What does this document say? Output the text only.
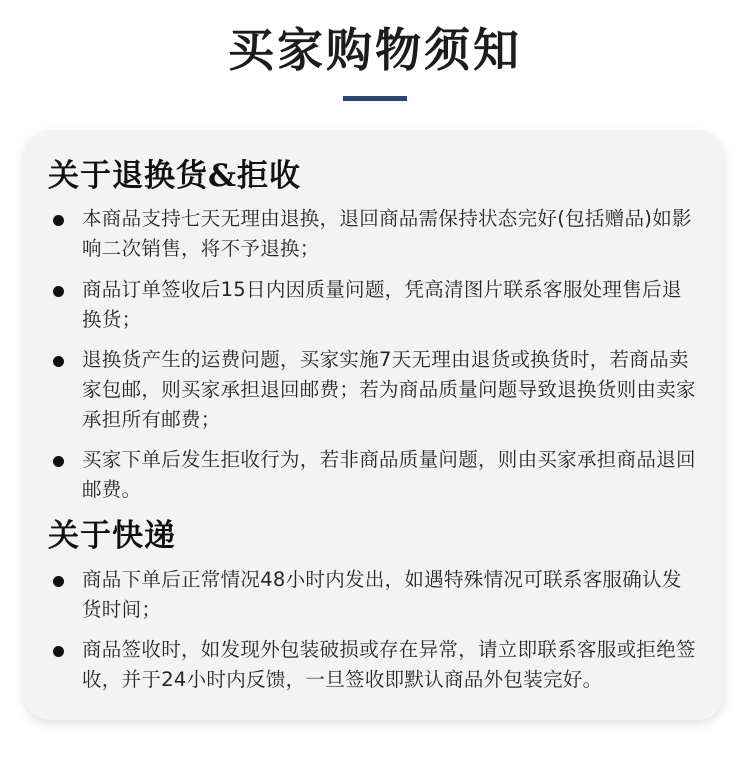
买家购物须知
关于退换货&拒收
本商品支持七天无理由退换，退回商品需保持状态完好(包括赠品)如影响二次销售，将不予退换；
商品订单签收后15日内因质量问题，凭高清图片联系客服处理售后退换货；
退换货产生的运费问题，买家实施7天无理由退货或换货时，若商品卖家包邮，则买家承担退回邮费；若为商品质量问题导致退换货则由卖家承担所有邮费；
买家下单后发生拒收行为，若非商品质量问题，则由买家承担商品退回邮费。
关于快递
商品下单后正常情况48小时内发出，如遇特殊情况可联系客服确认发货时间；
商品签收时，如发现外包装破损或存在异常，请立即联系客服或拒绝签收，并于24小时内反馈，一旦签收即默认商品外包装完好。
